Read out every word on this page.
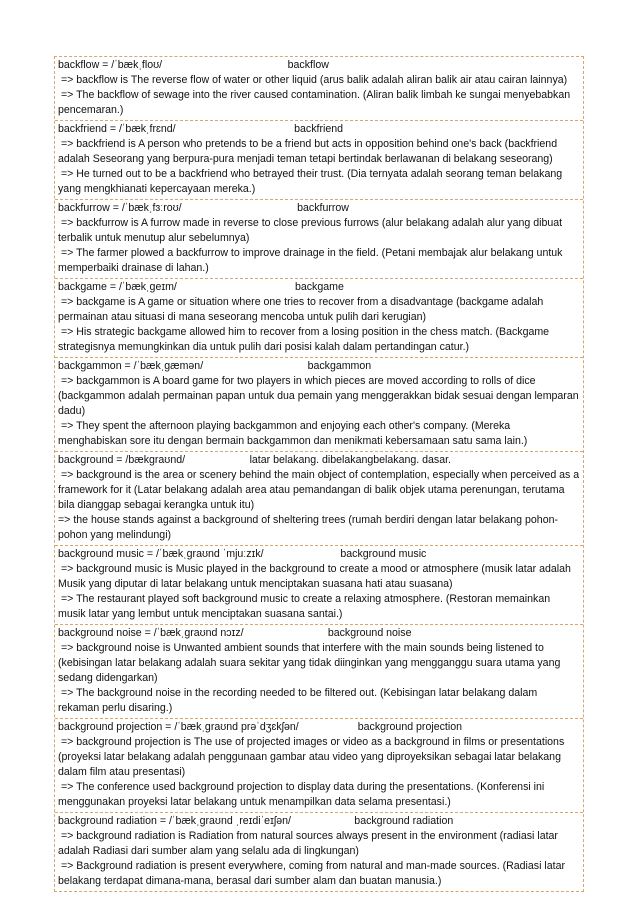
backflow = /ˈbækˌfloʊ/	backflow
=> backflow is The reverse flow of water or other liquid (arus balik adalah aliran balik air atau cairan lainnya)
=> The backflow of sewage into the river caused contamination. (Aliran balik limbah ke sungai menyebabkan pencemaran.)
backfriend = /ˈbækˌfrɛnd/	backfriend
=> backfriend is A person who pretends to be a friend but acts in opposition behind one's back (backfriend adalah Seseorang yang berpura-pura menjadi teman tetapi bertindak berlawanan di belakang seseorang)
=> He turned out to be a backfriend who betrayed their trust. (Dia ternyata adalah seorang teman belakang yang mengkhianati kepercayaan mereka.)
backfurrow = /ˈbækˌfɜːroʊ/	backfurrow
=> backfurrow is A furrow made in reverse to close previous furrows (alur belakang adalah alur yang dibuat terbalik untuk menutup alur sebelumnya)
=> The farmer plowed a backfurrow to improve drainage in the field. (Petani membajak alur belakang untuk memperbaiki drainase di lahan.)
backgame = /ˈbækˌgeɪm/	backgame
=> backgame is A game or situation where one tries to recover from a disadvantage (backgame adalah permainan atau situasi di mana seseorang mencoba untuk pulih dari kerugian)
=> His strategic backgame allowed him to recover from a losing position in the chess match. (Backgame strategisnya memungkinkan dia untuk pulih dari posisi kalah dalam pertandingan catur.)
backgammon = /ˈbækˌgæmən/	backgammon
=> backgammon is A board game for two players in which pieces are moved according to rolls of dice (backgammon adalah permainan papan untuk dua pemain yang menggerakkan bidak sesuai dengan lemparan dadu)
=> They spent the afternoon playing backgammon and enjoying each other's company. (Mereka menghabiskan sore itu dengan bermain backgammon dan menikmati kebersamaan satu sama lain.)
background = /bækgraʊnd/	latar belakang. dibelakangbelakang. dasar.
=> background is the area or scenery behind the main object of contemplation, especially when perceived as a framework for it (Latar belakang adalah area atau pemandangan di balik objek utama perenungan, terutama bila dianggap sebagai kerangka untuk itu)
=> the house stands against a background of sheltering trees (rumah berdiri dengan latar belakang pohon-pohon yang melindungi)
background music = /ˈbækˌgraʊnd ˈmjuːzɪk/	background music
=> background music is Music played in the background to create a mood or atmosphere (musik latar adalah Musik yang diputar di latar belakang untuk menciptakan suasana hati atau suasana)
=> The restaurant played soft background music to create a relaxing atmosphere. (Restoran memainkan musik latar yang lembut untuk menciptakan suasana santai.)
background noise = /ˈbækˌgraʊnd nɔɪz/	background noise
=> background noise is Unwanted ambient sounds that interfere with the main sounds being listened to (kebisingan latar belakang adalah suara sekitar yang tidak diinginkan yang mengganggu suara utama yang sedang didengarkan)
=> The background noise in the recording needed to be filtered out. (Kebisingan latar belakang dalam rekaman perlu disaring.)
background projection = /ˈbækˌgraʊnd prəˈdʒɛkʃən/	background projection
=> background projection is The use of projected images or video as a background in films or presentations (proyeksi latar belakang adalah penggunaan gambar atau video yang diproyeksikan sebagai latar belakang dalam film atau presentasi)
=> The conference used background projection to display data during the presentations. (Konferensi ini menggunakan proyeksi latar belakang untuk menampilkan data selama presentasi.)
background radiation = /ˈbækˌgraʊnd ˌreɪdiˈeɪʃən/	background radiation
=> background radiation is Radiation from natural sources always present in the environment (radiasi latar adalah Radiasi dari sumber alam yang selalu ada di lingkungan)
=> Background radiation is present everywhere, coming from natural and man-made sources. (Radiasi latar belakang terdapat dimana-mana, berasal dari sumber alam dan buatan manusia.)
